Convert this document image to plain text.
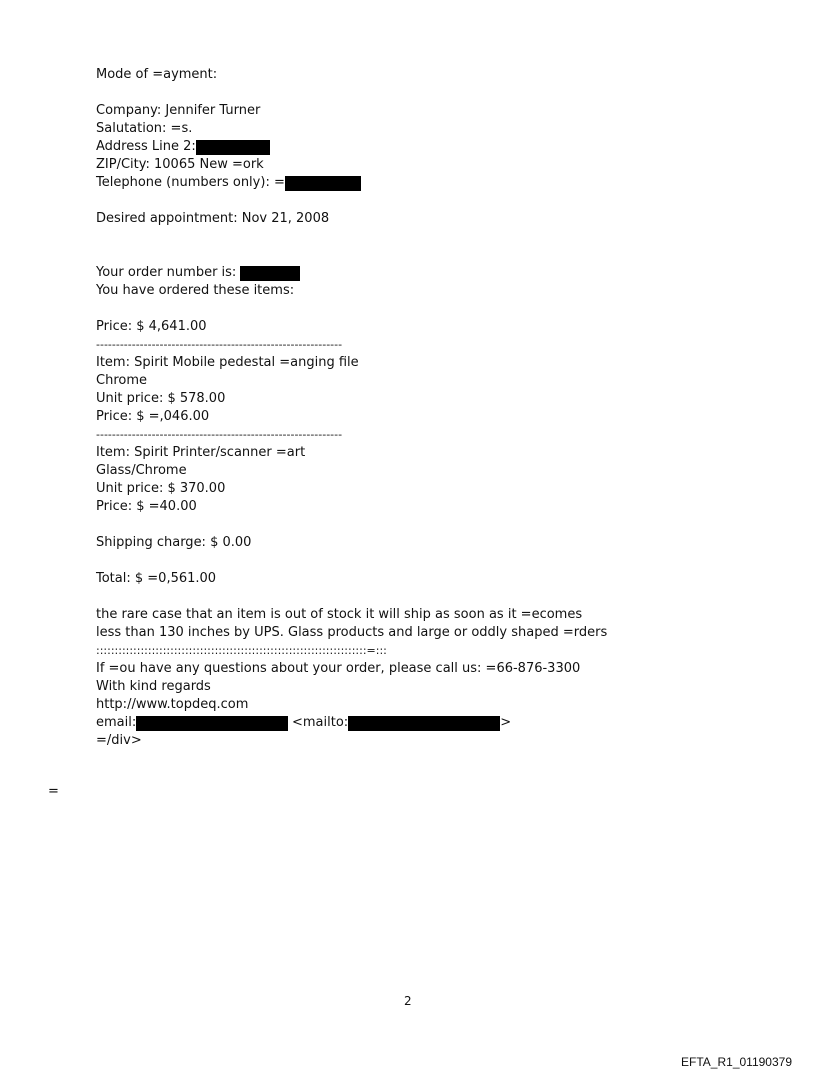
Mode of =ayment:
Company: Jennifer Turner
Salutation: =s.
Address Line 2:
ZIP/City: 10065 New =ork
Telephone (numbers only): =
Desired appointment: Nov 21, 2008
Your order number is:

You have ordered these items:
Price: $ 4,641.00
--------------------------------------------------------------
Item: Spirit Mobile pedestal =anging file
Chrome
Unit price: $ 578.00
Price: $ =,046.00
--------------------------------------------------------------
Item: Spirit Printer/scanner =art
Glass/Chrome
Unit price: $ 370.00
Price: $ =40.00
Shipping charge: $ 0.00
Total: $ =0,561.00
the rare case that an item is out of stock it will ship as soon as it =ecomes
less than 130 inches by UPS. Glass products and large or oddly shaped =rders
:::::::::::::::::::::::::::::::::::::::::::::::::::::::::::::::::::::::::=:::
If =ou have any questions about your order, please call us: =66-876-3300
With kind regards
http://www.topdeq.com
email:	<mailto:	>
=/div>
=
2
EFTA_R1_01190379
